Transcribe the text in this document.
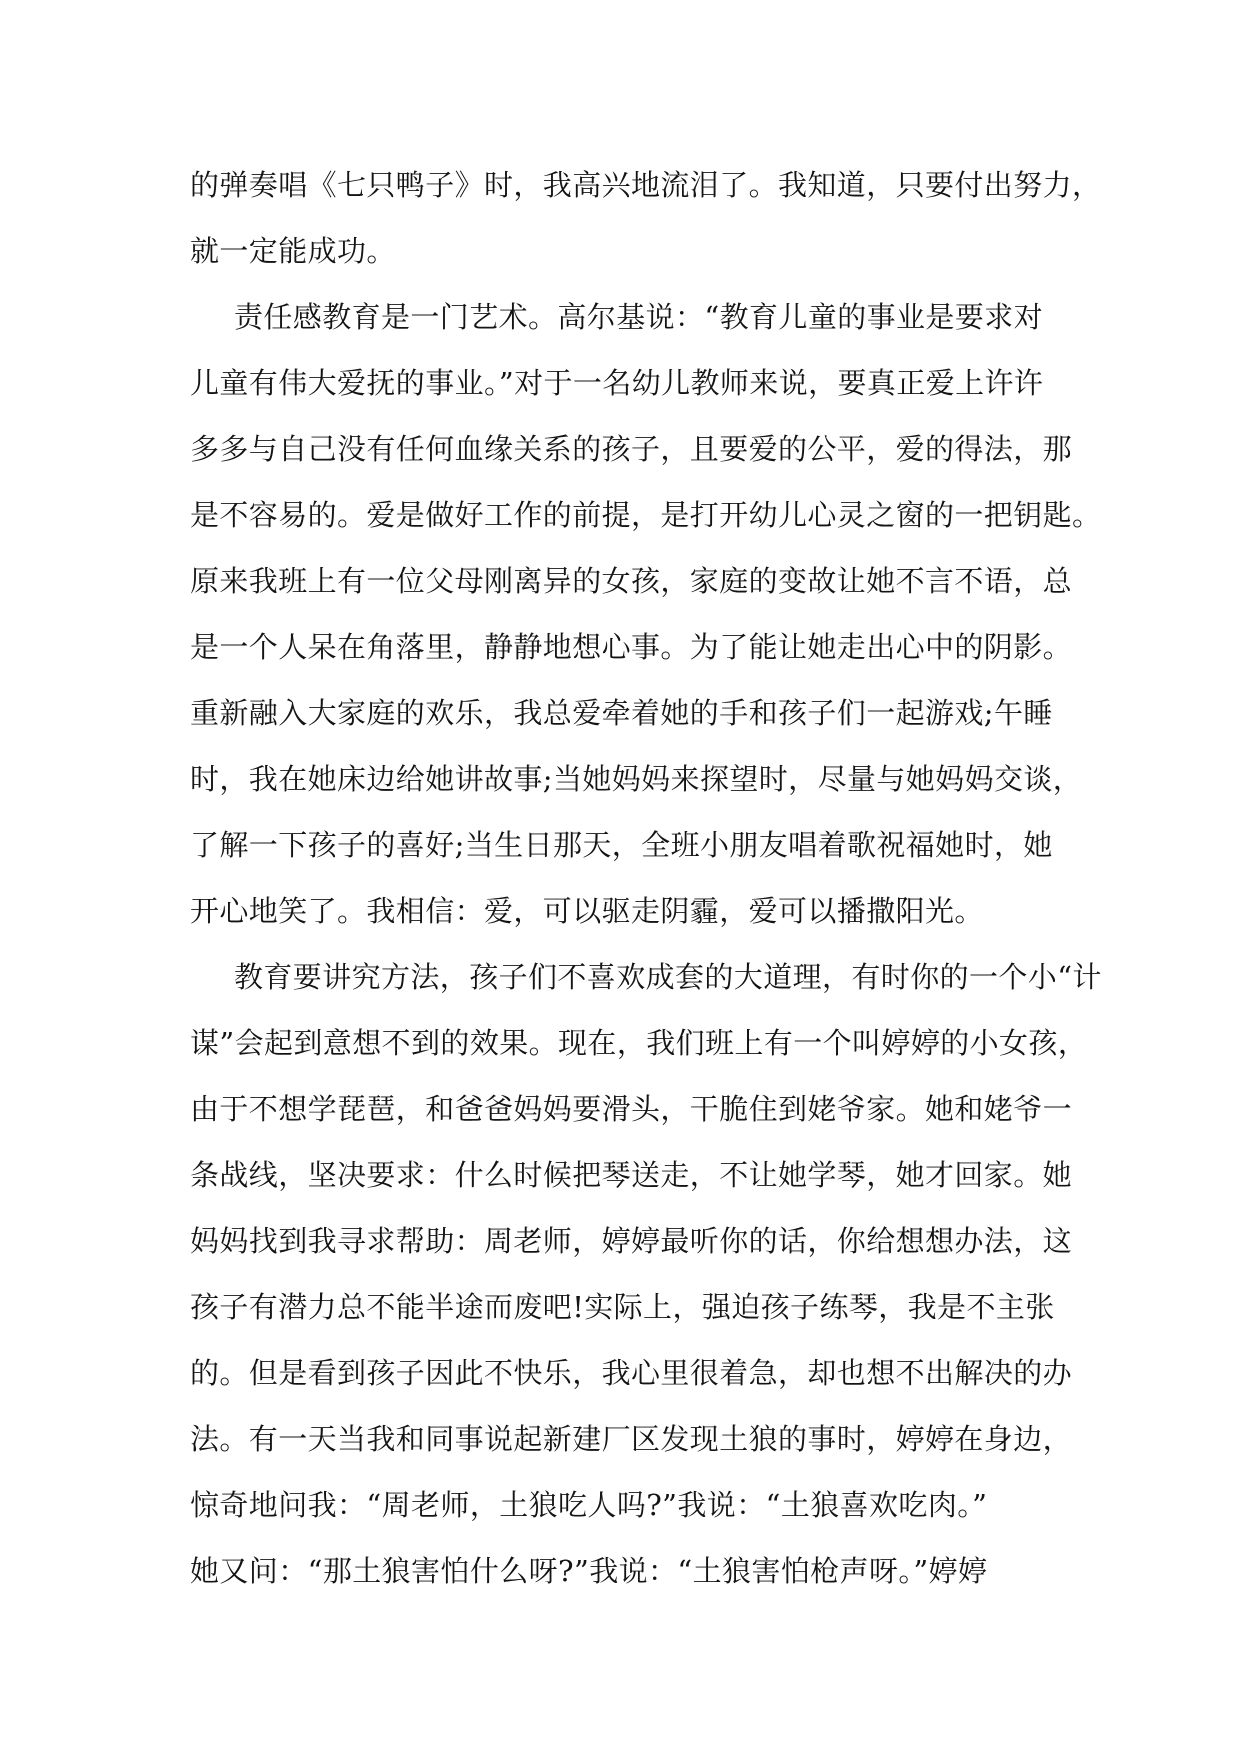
的弹奏唱《七只鸭子》时，我高兴地流泪了。我知道，只要付出努力，
就一定能成功。
责任感教育是一门艺术。高尔基说：“教育儿童的事业是要求对
儿童有伟大爱抚的事业。”对于一名幼儿教师来说，要真正爱上许许
多多与自己没有任何血缘关系的孩子，且要爱的公平，爱的得法，那
是不容易的。爱是做好工作的前提，是打开幼儿心灵之窗的一把钥匙。
原来我班上有一位父母刚离异的女孩，家庭的变故让她不言不语，总
是一个人呆在角落里，静静地想心事。为了能让她走出心中的阴影。
重新融入大家庭的欢乐，我总爱牵着她的手和孩子们一起游戏;午睡
时，我在她床边给她讲故事;当她妈妈来探望时，尽量与她妈妈交谈，
了解一下孩子的喜好;当生日那天，全班小朋友唱着歌祝福她时，她
开心地笑了。我相信：爱，可以驱走阴霾，爱可以播撒阳光。
教育要讲究方法，孩子们不喜欢成套的大道理，有时你的一个小“计
谋”会起到意想不到的效果。现在，我们班上有一个叫婷婷的小女孩，
由于不想学琵琶，和爸爸妈妈要滑头，干脆住到姥爷家。她和姥爷一
条战线，坚决要求：什么时候把琴送走，不让她学琴，她才回家。她
妈妈找到我寻求帮助：周老师，婷婷最听你的话，你给想想办法，这
孩子有潜力总不能半途而废吧!实际上，强迫孩子练琴，我是不主张
的。但是看到孩子因此不快乐，我心里很着急，却也想不出解决的办
法。有一天当我和同事说起新建厂区发现土狼的事时，婷婷在身边，
惊奇地问我：“周老师，土狼吃人吗?”我说：“土狼喜欢吃肉。”
她又问：“那土狼害怕什么呀?”我说：“土狼害怕枪声呀。”婷婷
